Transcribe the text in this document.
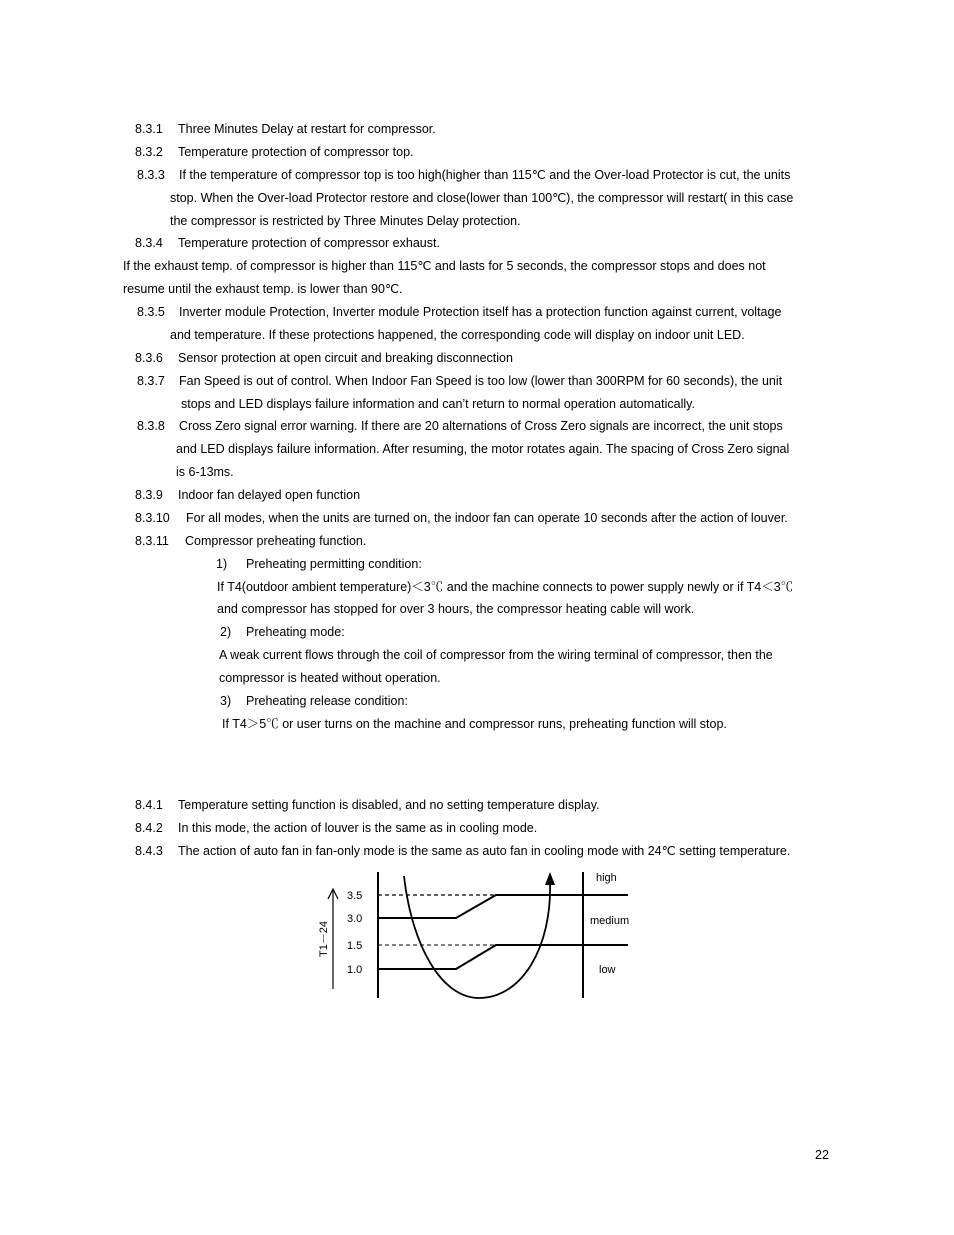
8.3.1 Three Minutes Delay at restart for compressor.
8.3.2 Temperature protection of compressor top.
8.3.3 If the temperature of compressor top is too high(higher than 115℃ and the Over-load Protector is cut, the units
stop. When the Over-load Protector restore and close(lower than 100℃), the compressor will restart( in this case
the compressor is restricted by Three Minutes Delay protection.
8.3.4 Temperature protection of compressor exhaust.
If the exhaust temp. of compressor is higher than 115℃ and lasts for 5 seconds, the compressor stops and does not
resume until the exhaust temp. is lower than 90℃.
8.3.5 Inverter module Protection, Inverter module Protection itself has a protection function against current, voltage
and temperature. If these protections happened, the corresponding code will display on indoor unit LED.
8.3.6 Sensor protection at open circuit and breaking disconnection
8.3.7 Fan Speed is out of control. When Indoor Fan Speed is too low (lower than 300RPM for 60 seconds), the unit
stops and LED displays failure information and can’t return to normal operation automatically.
8.3.8 Cross Zero signal error warning. If there are 20 alternations of Cross Zero signals are incorrect, the unit stops
and LED displays failure information. After resuming, the motor rotates again. The spacing of Cross Zero signal
is 6-13ms.
8.3.9 Indoor fan delayed open function
8.3.10 For all modes, when the units are turned on, the indoor fan can operate 10 seconds after the action of louver.
8.3.11 Compressor preheating function.
1) Preheating permitting condition:
If T4(outdoor ambient temperature)＜3℃ and the machine connects to power supply newly or if T4＜3℃
and compressor has stopped for over 3 hours, the compressor heating cable will work.
2) Preheating mode:
A weak current flows through the coil of compressor from the wiring terminal of compressor, then the
compressor is heated without operation.
3) Preheating release condition:
If T4＞5℃ or user turns on the machine and compressor runs, preheating function will stop.
8.4.1 Temperature setting function is disabled, and no setting temperature display.
8.4.2 In this mode, the action of louver is the same as in cooling mode.
8.4.3 The action of auto fan in fan-only mode is the same as auto fan in cooling mode with 24℃ setting temperature.
T1－24
3.5
3.0
1.5
1.0
high
medium
low
22
